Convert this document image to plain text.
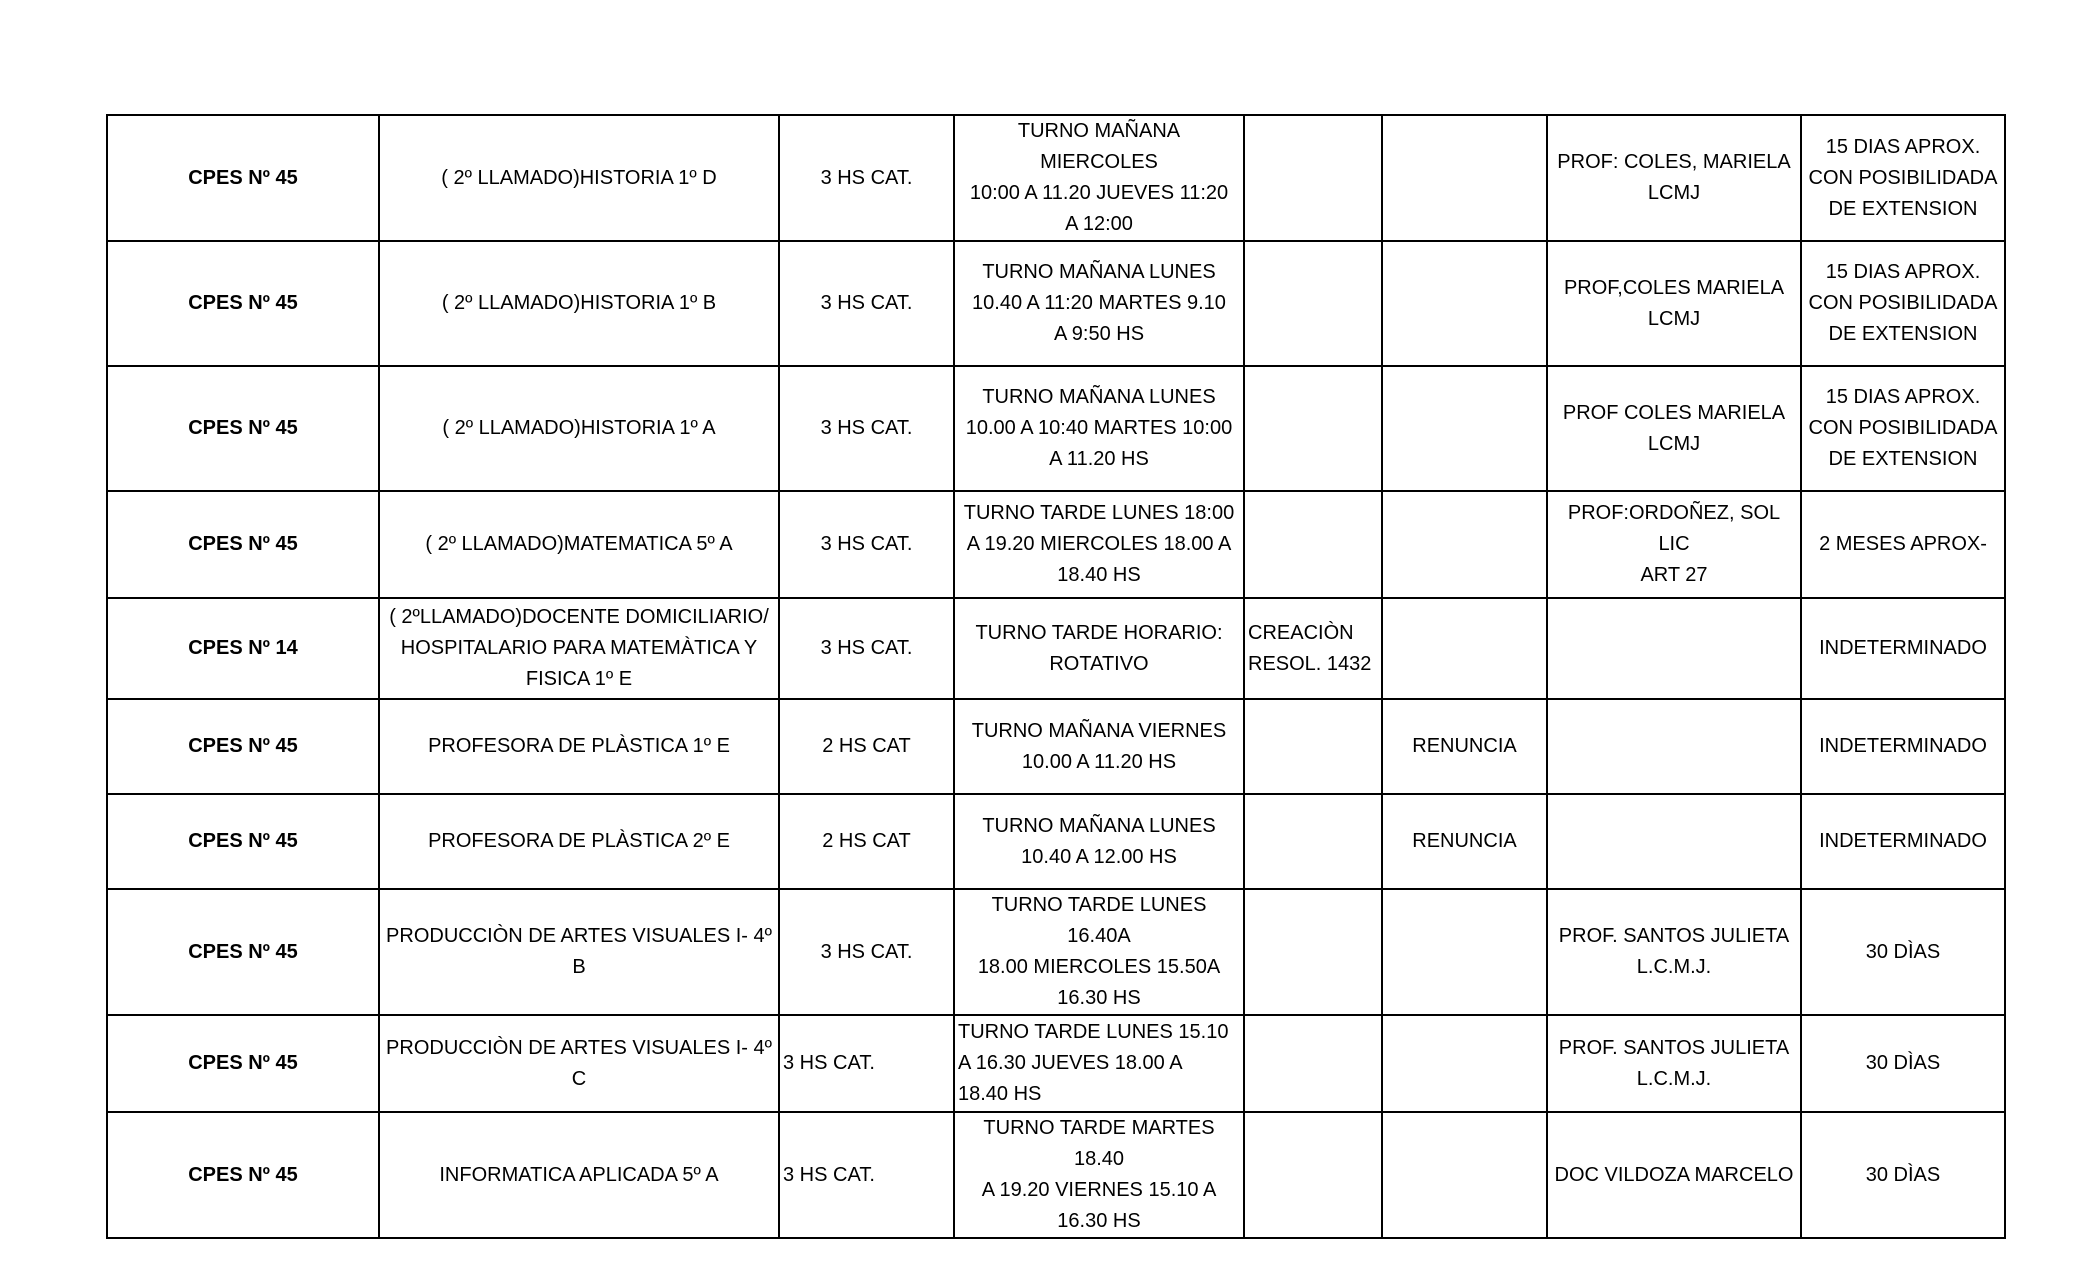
CPES Nº 45	( 2º LLAMADO)HISTORIA 1º D	3 HS CAT.	TURNO MAÑANA MIERCOLES
10:00 A 11.20 JUEVES 11:20
A 12:00			PROF: COLES, MARIELA
LCMJ	15 DIAS APROX.
CON POSIBILIDADA
DE EXTENSION
CPES Nº 45	( 2º LLAMADO)HISTORIA 1º B	3 HS CAT.	TURNO MAÑANA LUNES
10.40 A 11:20 MARTES 9.10
A 9:50 HS			PROF,COLES MARIELA
LCMJ	15 DIAS APROX.
CON POSIBILIDADA
DE EXTENSION
CPES Nº 45	( 2º LLAMADO)HISTORIA 1º A	3 HS CAT.	TURNO MAÑANA LUNES
10.00 A 10:40 MARTES 10:00
A 11.20 HS			PROF COLES MARIELA
LCMJ	15 DIAS APROX.
CON POSIBILIDADA
DE EXTENSION
CPES Nº 45	( 2º LLAMADO)MATEMATICA 5º A	3 HS CAT.	TURNO TARDE LUNES 18:00
A 19.20 MIERCOLES 18.00 A
18.40 HS			PROF:ORDOÑEZ, SOL LIC
ART 27	2 MESES APROX-
CPES Nº 14	( 2ºLLAMADO)DOCENTE DOMICILIARIO/ HOSPITALARIO PARA MATEMÀTICA Y FISICA 1º E	3 HS CAT.	TURNO TARDE HORARIO:
ROTATIVO	CREACIÒN
RESOL. 1432			INDETERMINADO
CPES Nº 45	PROFESORA DE PLÀSTICA 1º E	2 HS CAT	TURNO MAÑANA VIERNES
10.00 A 11.20 HS		RENUNCIA		INDETERMINADO
CPES Nº 45	PROFESORA DE PLÀSTICA 2º E	2 HS CAT	TURNO MAÑANA LUNES
10.40 A 12.00 HS		RENUNCIA		INDETERMINADO
CPES Nº 45	PRODUCCIÒN DE ARTES VISUALES I- 4º B	3 HS CAT.	TURNO TARDE LUNES 16.40A
18.00 MIERCOLES 15.50A
16.30 HS			PROF. SANTOS JULIETA
L.C.M.J.	30 DÌAS
CPES Nº 45	PRODUCCIÒN DE ARTES VISUALES I- 4º C	3 HS CAT.	TURNO TARDE LUNES 15.10
A 16.30 JUEVES 18.00 A
18.40 HS			PROF. SANTOS JULIETA
L.C.M.J.	30 DÌAS
CPES Nº 45	INFORMATICA APLICADA 5º A	3 HS CAT.	TURNO TARDE MARTES 18.40
A 19.20 VIERNES 15.10 A
16.30 HS			DOC VILDOZA MARCELO	30 DÌAS
